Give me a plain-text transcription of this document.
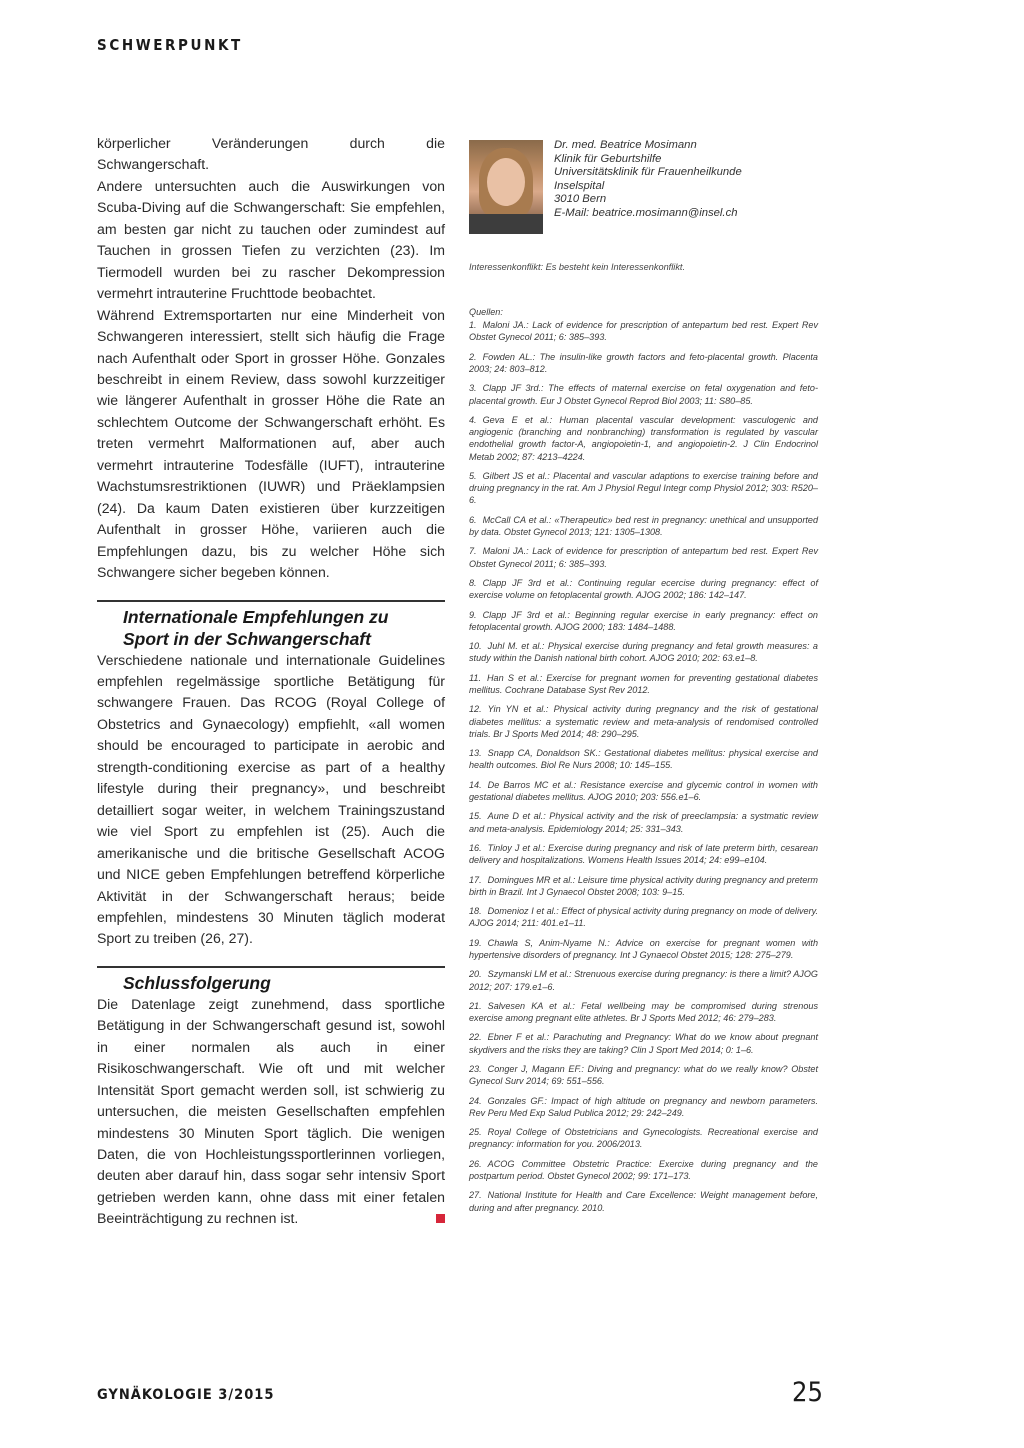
SCHWERPUNKT

körperlicher Veränderungen durch die Schwangerschaft.

Andere untersuchten auch die Auswirkungen von Scuba-Diving auf die Schwangerschaft: Sie empfehlen, am besten gar nicht zu tauchen oder zumindest auf Tauchen in grossen Tiefen zu verzichten (23). Im Tiermodell wurden bei zu rascher Dekompression vermehrt intrauterine Fruchttode beobachtet.

Während Extremsportarten nur eine Minderheit von Schwangeren interessiert, stellt sich häufig die Frage nach Aufenthalt oder Sport in grosser Höhe. Gonzales beschreibt in einem Review, dass sowohl kurzzeitiger wie längerer Aufenthalt in grosser Höhe die Rate an schlechtem Outcome der Schwangerschaft erhöht. Es treten vermehrt Malformationen auf, aber auch vermehrt intrauterine Todesfälle (IUFT), intrauterine Wachstumsrestriktionen (IUWR) und Präeklampsien (24). Da kaum Daten existieren über kurzzeitigen Aufenthalt in grosser Höhe, variieren auch die Empfehlungen dazu, bis zu welcher Höhe sich Schwangere sicher begeben können.

Internationale Empfehlungen zu
Sport in der Schwangerschaft

Verschiedene nationale und internationale Guidelines empfehlen regelmässige sportliche Betätigung für schwangere Frauen. Das RCOG (Royal College of Obstetrics and Gynaecology) empfiehlt, «all women should be encouraged to participate in aerobic and strength-conditioning exercise as part of a healthy lifestyle during their pregnancy», und beschreibt detailliert sogar weiter, in welchem Trainingszustand wie viel Sport zu empfehlen ist (25). Auch die amerikanische und die britische Gesellschaft ACOG und NICE geben Empfehlungen betreffend körperliche Aktivität in der Schwangerschaft heraus; beide empfehlen, mindestens 30 Minuten täglich moderat Sport zu treiben (26, 27).

Schlussfolgerung

Die Datenlage zeigt zunehmend, dass sportliche Betätigung in der Schwangerschaft gesund ist, sowohl in einer normalen als auch in einer Risikoschwangerschaft. Wie oft und mit welcher Intensität Sport gemacht werden soll, ist schwierig zu untersuchen, die meisten Gesellschaften empfehlen mindestens 30 Minuten Sport täglich. Die wenigen Daten, die von Hochleistungssportlerinnen vorliegen, deuten aber darauf hin, dass sogar sehr intensiv Sport getrieben werden kann, ohne dass mit einer fetalen Beeinträchtigung zu rechnen ist.

Dr. med. Beatrice Mosimann
Klinik für Geburtshilfe
Universitätsklinik für Frauenheilkunde
Inselspital
3010 Bern
E-Mail: beatrice.mosimann@insel.ch
Interessenkonflikt: Es besteht kein Interessenkonflikt.
Quellen:
1. Maloni JA.: Lack of evidence for prescription of antepartum bed rest. Expert Rev Obstet Gynecol 2011; 6: 385–393.
2. Fowden AL.: The insulin-like growth factors and feto-placental growth. Placenta 2003; 24: 803–812.
3. Clapp JF 3rd.: The effects of maternal exercise on fetal oxygenation and feto-placental growth. Eur J Obstet Gynecol Reprod Biol 2003; 11: S80–85.
4. Geva E et al.: Human placental vascular development: vasculogenic and angiogenic (branching and nonbranching) transformation is regulated by vascular endothelial growth factor-A, angiopoietin-1, and angiopoietin-2. J Clin Endocrinol Metab 2002; 87: 4213–4224.
5. Gilbert JS et al.: Placental and vascular adaptions to exercise training before and druing pregnancy in the rat. Am J Physiol Regul Integr comp Physiol 2012; 303: R520–6.
6. McCall CA et al.: «Therapeutic» bed rest in pregnancy: unethical and unsupported by data. Obstet Gynecol 2013; 121: 1305–1308.
7. Maloni JA.: Lack of evidence for prescription of antepartum bed rest. Expert Rev Obstet Gynecol 2011; 6: 385–393.
8. Clapp JF 3rd et al.: Continuing regular ecercise during pregnancy: effect of exercise volume on fetoplacental growth. AJOG 2002; 186: 142–147.
9. Clapp JF 3rd et al.: Beginning regular exercise in early pregnancy: effect on fetoplacental growth. AJOG 2000; 183: 1484–1488.
10. Juhl M. et al.: Physical exercise during pregnancy and fetal growth measures: a study within the Danish national birth cohort. AJOG 2010; 202: 63.e1–8.
11. Han S et al.: Exercise for pregnant women for preventing gestational diabetes mellitus. Cochrane Database Syst Rev 2012.
12. Yin YN et al.: Physical activity during pregnancy and the risk of gestational diabetes mellitus: a systematic review and meta-analysis of rendomised controlled trials. Br J Sports Med 2014; 48: 290–295.
13. Snapp CA, Donaldson SK.: Gestational diabetes mellitus: physical exercise and health outcomes. Biol Re Nurs 2008; 10: 145–155.
14. De Barros MC et al.: Resistance exercise and glycemic control in women with gestational diabetes mellitus. AJOG 2010; 203: 556.e1–6.
15. Aune D et al.: Physical activity and the risk of preeclampsia: a systmatic review and meta-analysis. Epidemiology 2014; 25: 331–343.
16. Tinloy J et al.: Exercise during pregnancy and risk of late preterm birth, cesarean delivery and hospitalizations. Womens Health Issues 2014; 24: e99–e104.
17. Domingues MR et al.: Leisure time physical activity during pregnancy and preterm birth in Brazil. Int J Gynaecol Obstet 2008; 103: 9–15.
18. Domenioz I et al.: Effect of physical activity during pregnancy on mode of delivery. AJOG 2014; 211: 401.e1–11.
19. Chawla S, Anim-Nyame N.: Advice on exercise for pregnant women with hypertensive disorders of pregnancy. Int J Gynaecol Obstet 2015; 128: 275–279.
20. Szymanski LM et al.: Strenuous exercise during pregnancy: is there a limit? AJOG 2012; 207: 179.e1–6.
21. Salvesen KA et al.: Fetal wellbeing may be compromised during strenous exercise among pregnant elite athletes. Br J Sports Med 2012; 46: 279–283.
22. Ebner F et al.: Parachuting and Pregnancy: What do we know about pregnant skydivers and the risks they are taking? Clin J Sport Med 2014; 0: 1–6.
23. Conger J, Magann EF.: Diving and pregnancy: what do we really know? Obstet Gynecol Surv 2014; 69: 551–556.
24. Gonzales GF.: Impact of high altitude on pregnancy and newborn parameters. Rev Peru Med Exp Salud Publica 2012; 29: 242–249.
25. Royal College of Obstetricians and Gynecologists. Recreational exercise and pregnancy: information for you. 2006/2013.
26. ACOG Committee Obstetric Practice: Exercixe during pregnancy and the postpartum period. Obstet Gynecol 2002; 99: 171–173.
27. National Institute for Health and Care Excellence: Weight management before, during and after pregnancy. 2010.
GYNÄKOLOGIE 3/2015	25
